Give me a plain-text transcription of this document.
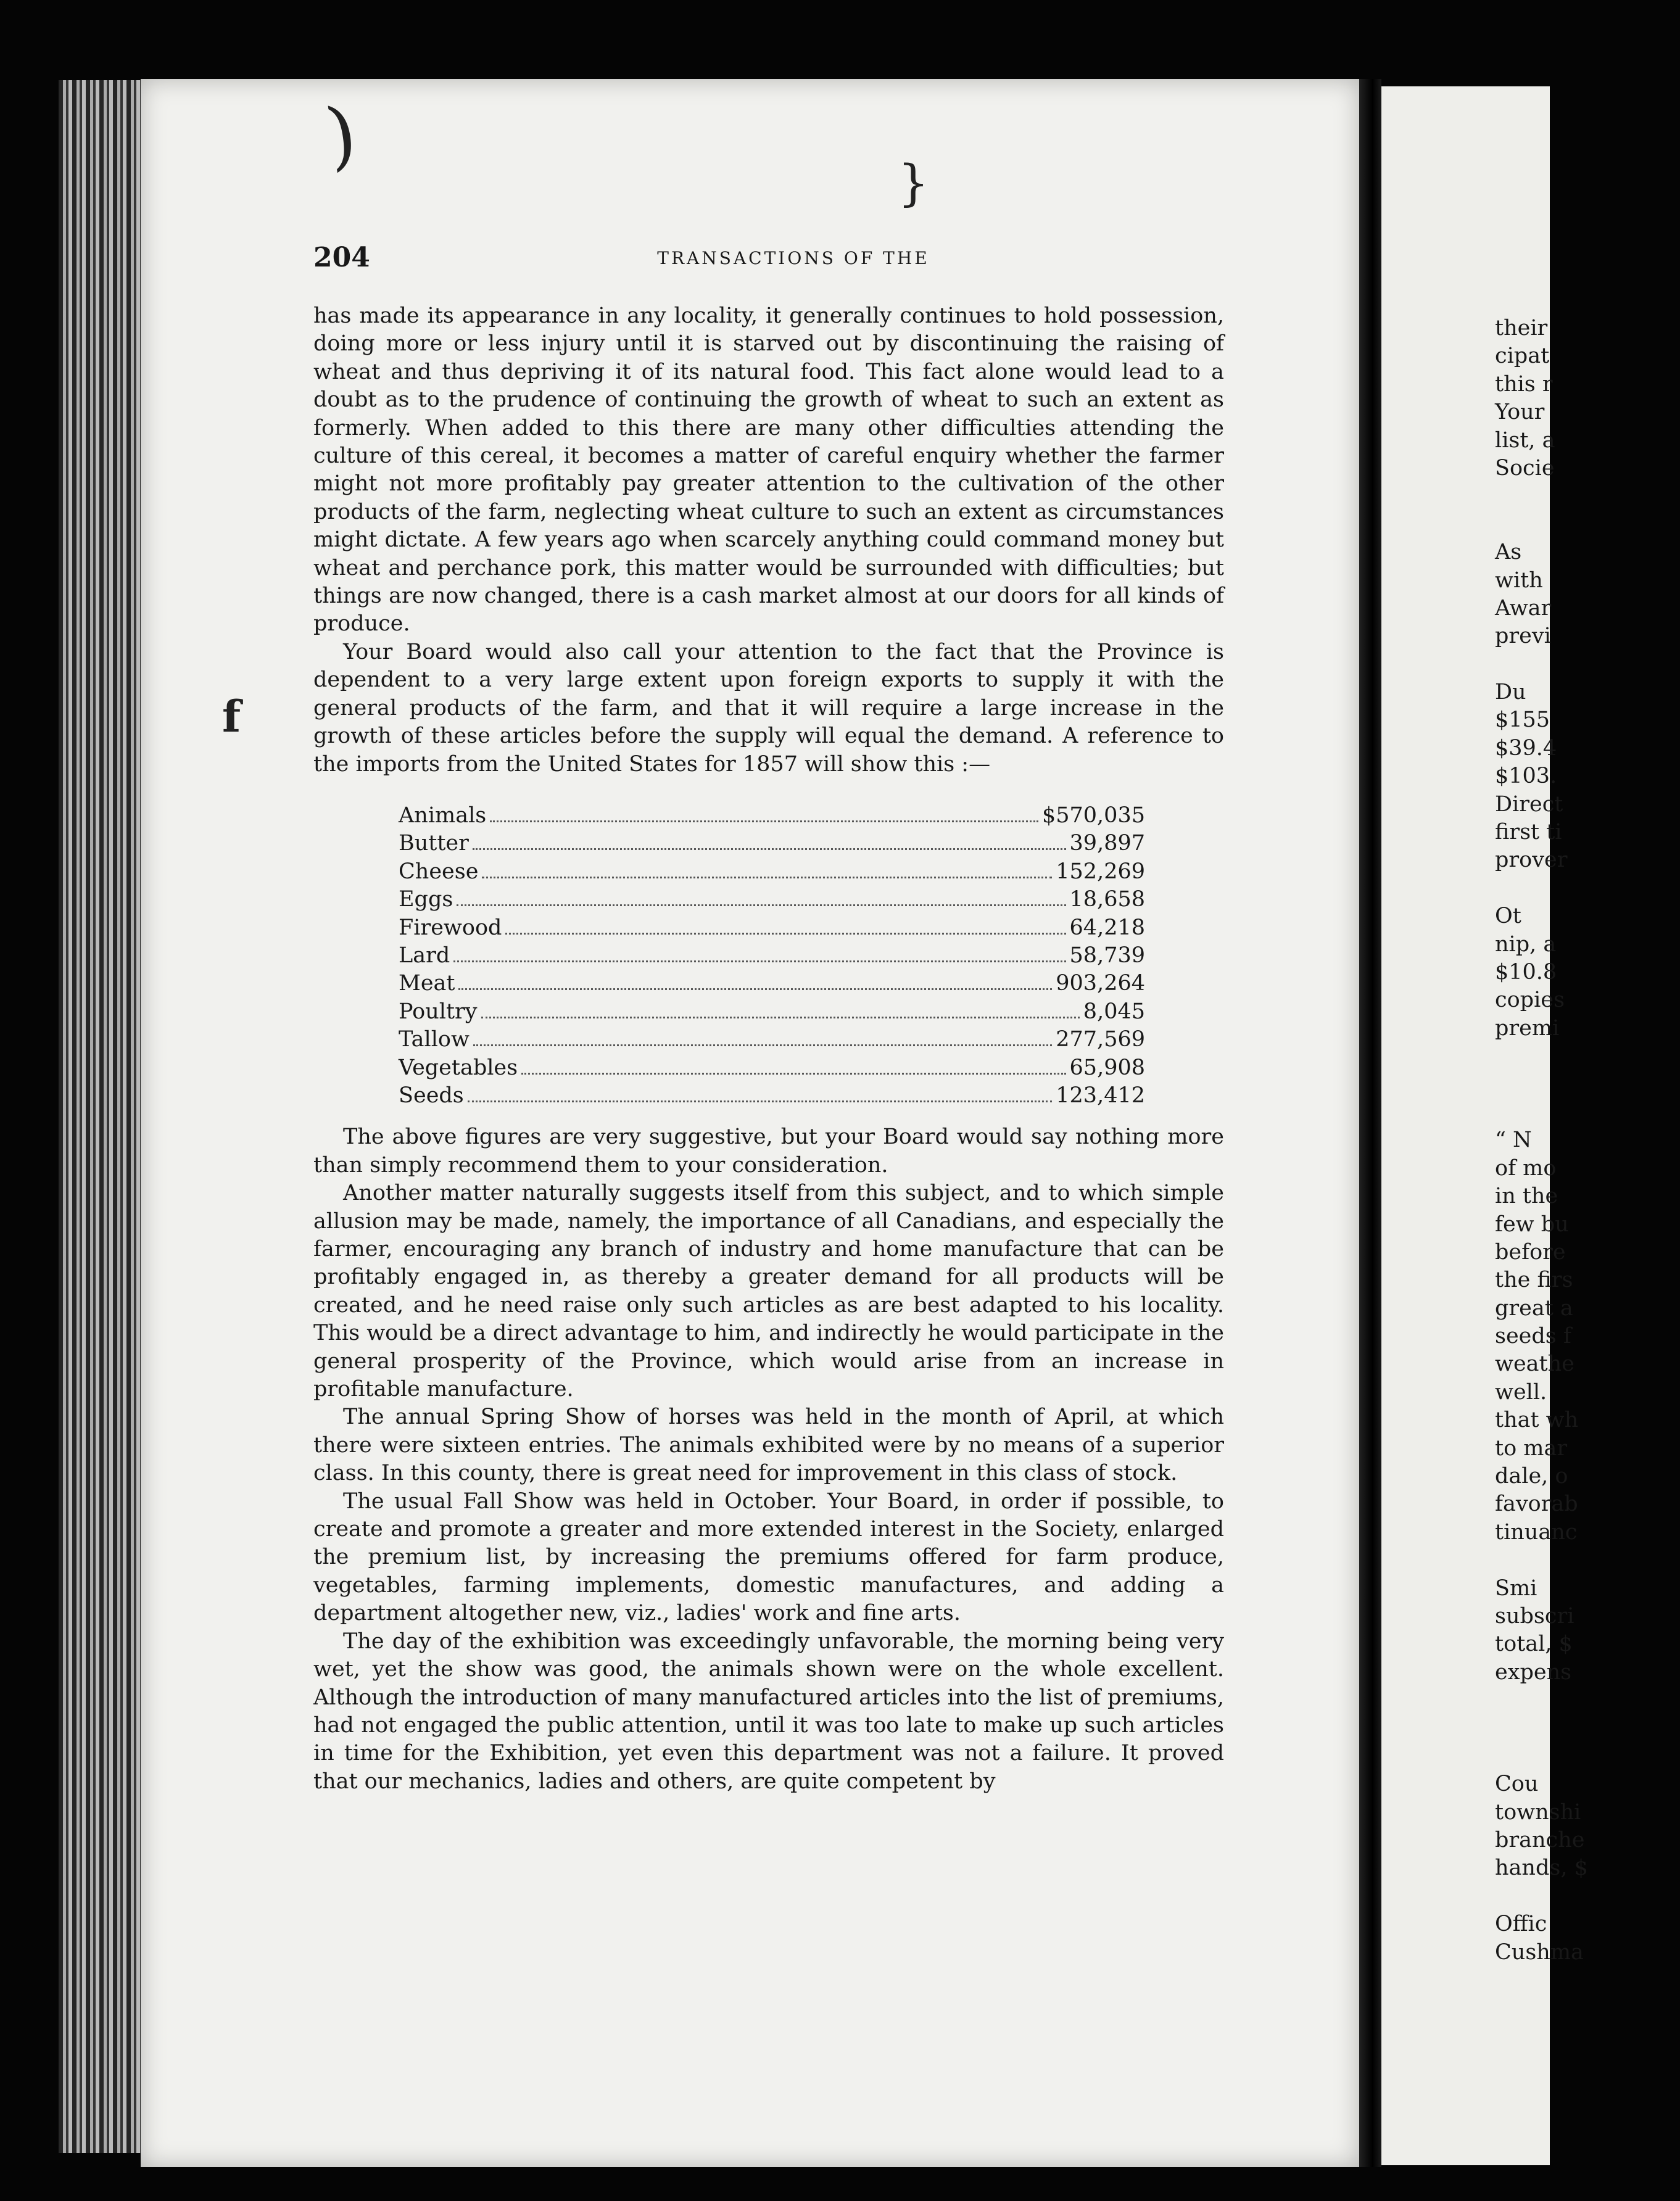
)
}
f
204	TRANSACTIONS OF THE

has made its appearance in any locality, it generally continues to hold possession, doing more or less injury until it is starved out by discontinuing the raising of wheat and thus depriving it of its natural food. This fact alone would lead to a doubt as to the prudence of continuing the growth of wheat to such an extent as formerly. When added to this there are many other difficulties attending the culture of this cereal, it becomes a matter of careful enquiry whether the farmer might not more profitably pay greater attention to the cultivation of the other products of the farm, neglecting wheat culture to such an extent as circumstances might dictate. A few years ago when scarcely anything could command money but wheat and perchance pork, this matter would be surrounded with difficulties; but things are now changed, there is a cash market almost at our doors for all kinds of produce.

Your Board would also call your attention to the fact that the Province is dependent to a very large extent upon foreign exports to supply it with the general products of the farm, and that it will require a large increase in the growth of these articles before the supply will equal the demand. A reference to the imports from the United States for 1857 will show this :—

Animals	$570,035
Butter	39,897
Cheese	152,269
Eggs	18,658
Firewood	64,218
Lard	58,739
Meat	903,264
Poultry	8,045
Tallow	277,569
Vegetables	65,908
Seeds	123,412

The above figures are very suggestive, but your Board would say nothing more than simply recommend them to your consideration.

Another matter naturally suggests itself from this subject, and to which simple allusion may be made, namely, the importance of all Canadians, and especially the farmer, encouraging any branch of industry and home manufacture that can be profitably engaged in, as thereby a greater demand for all products will be created, and he need raise only such articles as are best adapted to his locality. This would be a direct advantage to him, and indirectly he would participate in the general prosperity of the Province, which would arise from an increase in profitable manufacture.

The annual Spring Show of horses was held in the month of April, at which there were sixteen entries. The animals exhibited were by no means of a superior class. In this county, there is great need for improvement in this class of stock.

The usual Fall Show was held in October. Your Board, in order if possible, to create and promote a greater and more extended interest in the Society, enlarged the premium list, by increasing the premiums offered for farm produce, vegetables, farming implements, domestic manufactures, and adding a department altogether new, viz., ladies' work and fine arts.

The day of the exhibition was exceedingly unfavorable, the morning being very wet, yet the show was good, the animals shown were on the whole excellent. Although the introduction of many manufactured articles into the list of premiums, had not engaged the public attention, until it was too late to make up such articles in time for the Exhibition, yet even this department was not a failure. It proved that our mechanics, ladies and others, are quite competent by

their
cipat
this r
Your
list, a
Socie
As
with
Awar
previ
Du
$155
$39.4
$103.
Direct
first ti
prover
Ot
nip, a
$10.8
copies
premi
“ N
of mo
in the
few bu
before
the firs
great a
seeds f
weathe
well.
that wh
to mar
dale, o
favorab
tinuanc
Smi
subscri
total, $
expens
Cou
townshi
branche
hands, $
Offic
Cushma
